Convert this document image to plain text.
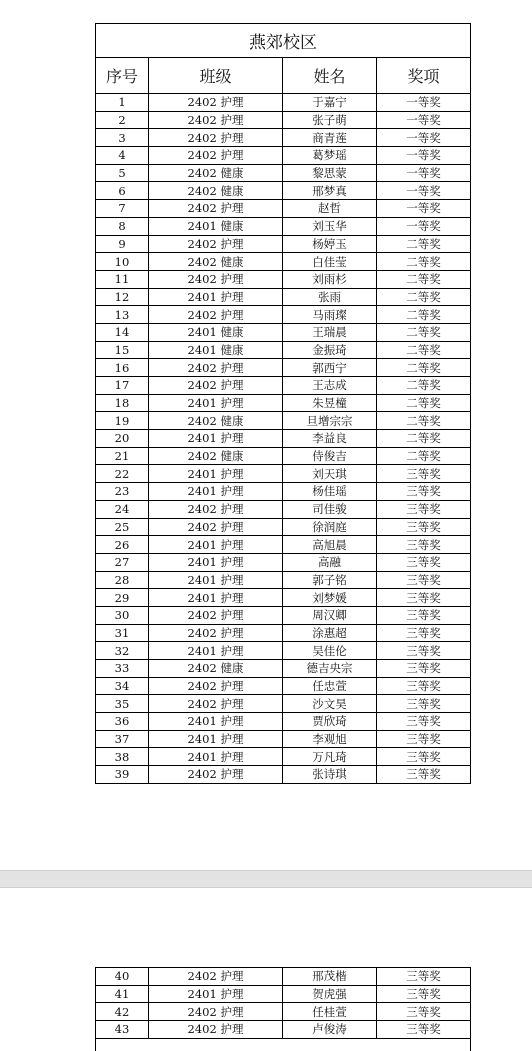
燕郊校区			
序号	班级	姓名	奖项
1	2402 护理	于嘉宁	一等奖
2	2402 护理	张子萌	一等奖
3	2402 护理	商青莲	一等奖
4	2402 护理	葛梦瑶	一等奖
5	2402 健康	黎思蒙	一等奖
6	2402 健康	邢梦真	一等奖
7	2402 护理	赵哲	一等奖
8	2401 健康	刘玉华	一等奖
9	2402 护理	杨婷玉	二等奖
10	2402 健康	白佳莹	二等奖
11	2402 护理	刘雨杉	二等奖
12	2401 护理	张雨	二等奖
13	2402 护理	马雨璨	二等奖
14	2401 健康	王瑞晨	二等奖
15	2401 健康	金振琦	二等奖
16	2402 护理	郭西宁	二等奖
17	2402 护理	王志成	二等奖
18	2401 护理	朱昱橦	二等奖
19	2402 健康	旦增宗宗	二等奖
20	2401 护理	李益良	二等奖
21	2402 健康	侍俊吉	二等奖
22	2401 护理	刘天琪	三等奖
23	2401 护理	杨佳瑶	三等奖
24	2402 护理	司佳骏	三等奖
25	2402 护理	徐润庭	三等奖
26	2401 护理	高旭晨	三等奖
27	2401 护理	高融	三等奖
28	2401 护理	郭子铭	三等奖
29	2401 护理	刘梦媛	三等奖
30	2402 护理	周汉卿	三等奖
31	2402 护理	涂惠超	三等奖
32	2401 护理	吴佳伦	三等奖
33	2402 健康	德吉央宗	三等奖
34	2402 护理	任忠萱	三等奖
35	2402 护理	沙文昊	三等奖
36	2401 护理	贾欣琦	三等奖
37	2401 护理	李观旭	三等奖
38	2401 护理	万凡琦	三等奖
39	2402 护理	张诗琪	三等奖
40	2402 护理	邢茂楷	三等奖
41	2401 护理	贺虎强	三等奖
42	2402 护理	任桂萱	三等奖
43	2402 护理	卢俊涛	三等奖
